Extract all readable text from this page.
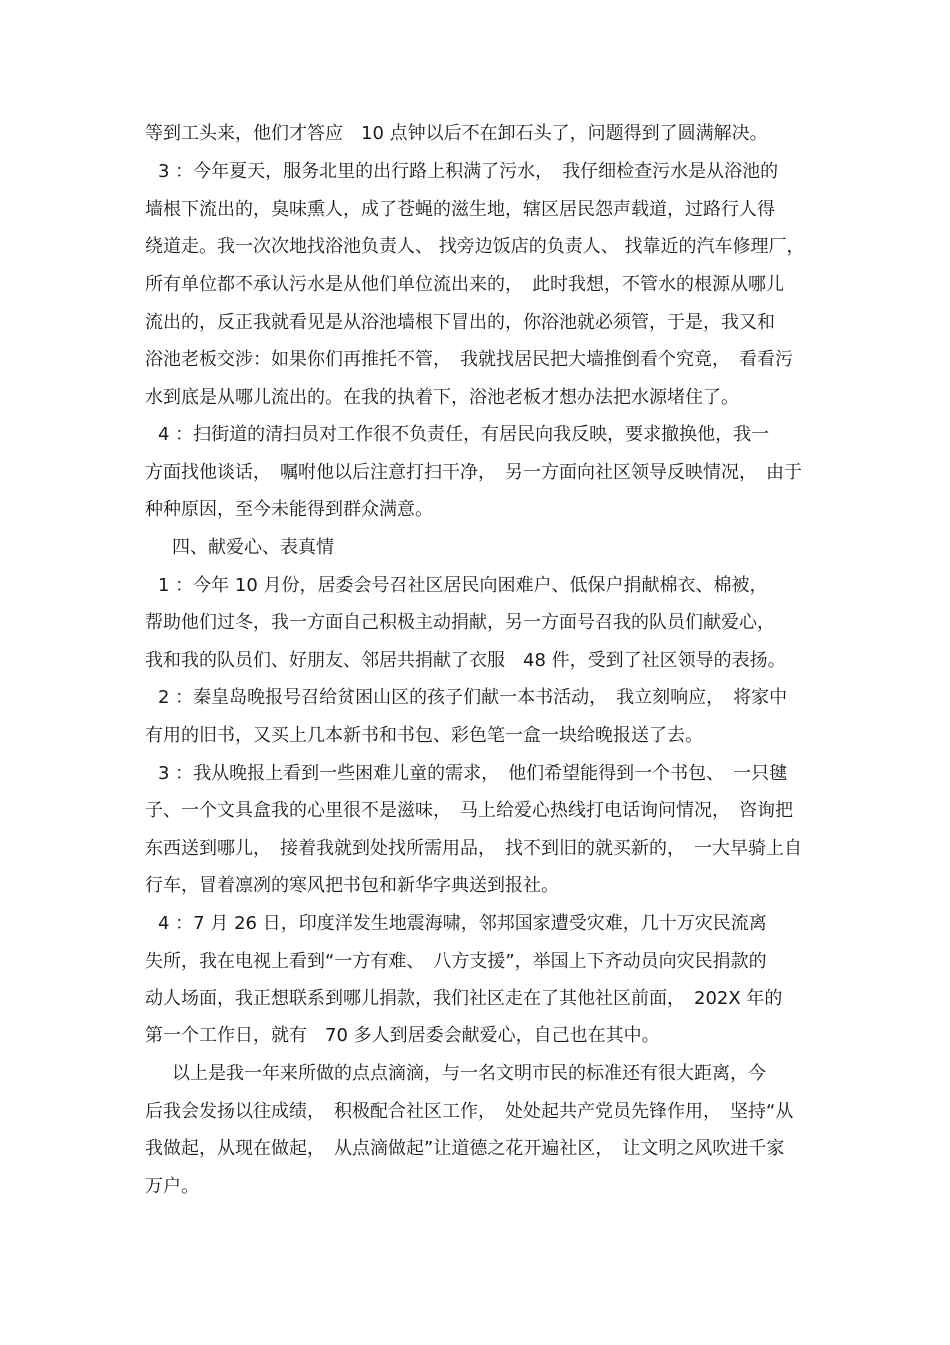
等到工头来，他们才答应　10 点钟以后不在卸石头了，问题得到了圆满解决。
3 ：今年夏天，服务北里的出行路上积满了污水，　我仔细检查污水是从浴池的
墙根下流出的，臭味熏人，成了苍蝇的滋生地，辖区居民怨声载道，过路行人得
绕道走。我一次次地找浴池负责人、 找旁边饭店的负责人、 找靠近的汽车修理厂，
所有单位都不承认污水是从他们单位流出来的，　此时我想，不管水的根源从哪儿
流出的，反正我就看见是从浴池墙根下冒出的，你浴池就必须管，于是，我又和
浴池老板交涉：如果你们再推托不管，　我就找居民把大墙推倒看个究竟，　看看污
水到底是从哪儿流出的。在我的执着下，浴池老板才想办法把水源堵住了。
4 ：扫街道的清扫员对工作很不负责任，有居民向我反映，要求撤换他，我一
方面找他谈话，　嘱咐他以后注意打扫干净，　另一方面向社区领导反映情况，　由于
种种原因，至今未能得到群众满意。
四、献爱心、表真情
1 ：今年 10 月份，居委会号召社区居民向困难户、低保户捐献棉衣、棉被，
帮助他们过冬，我一方面自己积极主动捐献，另一方面号召我的队员们献爱心，
我和我的队员们、好朋友、邻居共捐献了衣服　48 件，受到了社区领导的表扬。
2 ：秦皇岛晚报号召给贫困山区的孩子们献一本书活动，　我立刻响应，　将家中
有用的旧书，又买上几本新书和书包、彩色笔一盒一块给晚报送了去。
3 ：我从晚报上看到一些困难儿童的需求，　他们希望能得到一个书包、　一只毽
子、一个文具盒我的心里很不是滋味，　马上给爱心热线打电话询问情况，　咨询把
东西送到哪儿，　接着我就到处找所需用品，　找不到旧的就买新的，　一大早骑上自
行车，冒着凛冽的寒风把书包和新华字典送到报社。
4 ：7 月 26 日，印度洋发生地震海啸，邻邦国家遭受灾难，几十万灾民流离
失所，我在电视上看到“一方有难、　八方支援”，举国上下齐动员向灾民捐款的
动人场面，我正想联系到哪儿捐款，我们社区走在了其他社区前面，　202X 年的
第一个工作日，就有　70 多人到居委会献爱心，自己也在其中。
以上是我一年来所做的点点滴滴，与一名文明市民的标准还有很大距离，今
后我会发扬以往成绩，　积极配合社区工作，　处处起共产党员先锋作用，　坚持“从
我做起，从现在做起，　从点滴做起”让道德之花开遍社区，　让文明之风吹进千家
万户。
